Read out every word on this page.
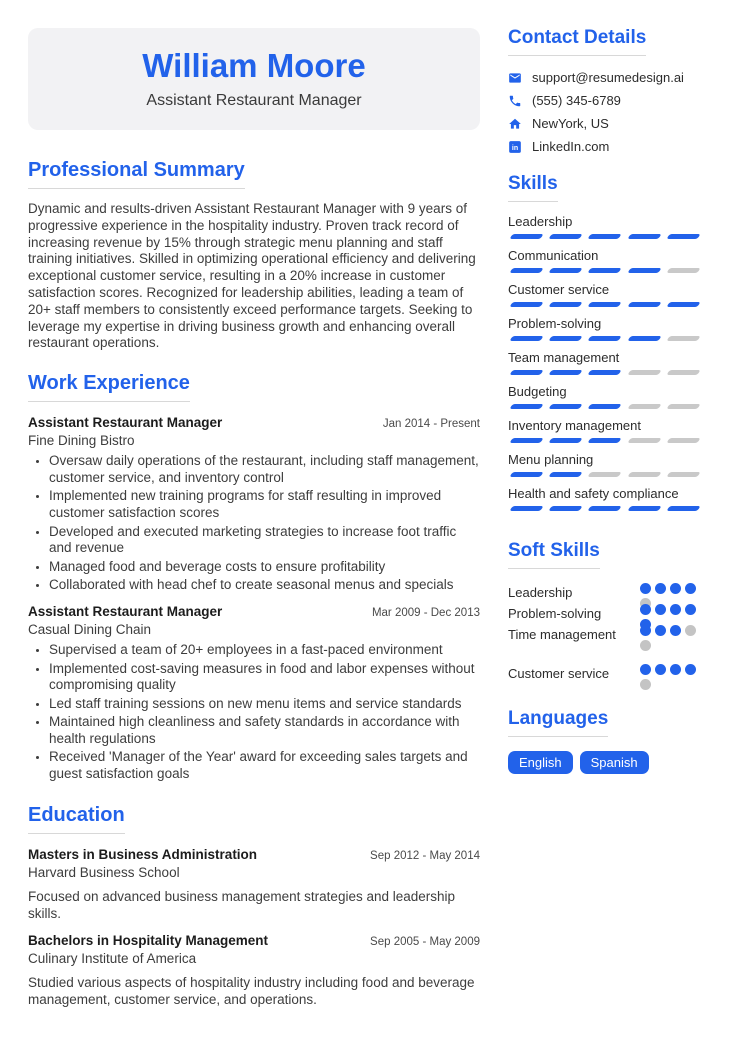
William Moore
Assistant Restaurant Manager
Professional Summary

Dynamic and results-driven Assistant Restaurant Manager with 9 years of progressive experience in the hospitality industry. Proven track record of increasing revenue by 15% through strategic menu planning and staff training initiatives. Skilled in optimizing operational efficiency and delivering exceptional customer service, resulting in a 20% increase in customer satisfaction scores. Recognized for leadership abilities, leading a team of 20+ staff members to consistently exceed performance targets. Seeking to leverage my expertise in driving business growth and enhancing overall restaurant operations.

Work Experience
Assistant Restaurant Manager	Jan 2014 - Present
Fine Dining Bistro
• Oversaw daily operations of the restaurant, including staff management, customer service, and inventory control
• Implemented new training programs for staff resulting in improved customer satisfaction scores
• Developed and executed marketing strategies to increase foot traffic and revenue
• Managed food and beverage costs to ensure profitability
• Collaborated with head chef to create seasonal menus and specials
Assistant Restaurant Manager	Mar 2009 - Dec 2013
Casual Dining Chain
• Supervised a team of 20+ employees in a fast-paced environment
• Implemented cost-saving measures in food and labor expenses without compromising quality
• Led staff training sessions on new menu items and service standards
• Maintained high cleanliness and safety standards in accordance with health regulations
• Received 'Manager of the Year' award for exceeding sales targets and guest satisfaction goals
Education
Masters in Business Administration	Sep 2012 - May 2014
Harvard Business School
Focused on advanced business management strategies and leadership skills.
Bachelors in Hospitality Management	Sep 2005 - May 2009
Culinary Institute of America
Studied various aspects of hospitality industry including food and beverage management, customer service, and operations.
Contact Details
support@resumedesign.ai
(555) 345-6789
NewYork, US
in LinkedIn.com
Skills
Leadership
Communication
Customer service
Problem-solving
Team management
Budgeting
Inventory management
Menu planning
Health and safety compliance
Soft Skills
Leadership
Problem-solving
Time management
Customer service
Languages
English	Spanish
